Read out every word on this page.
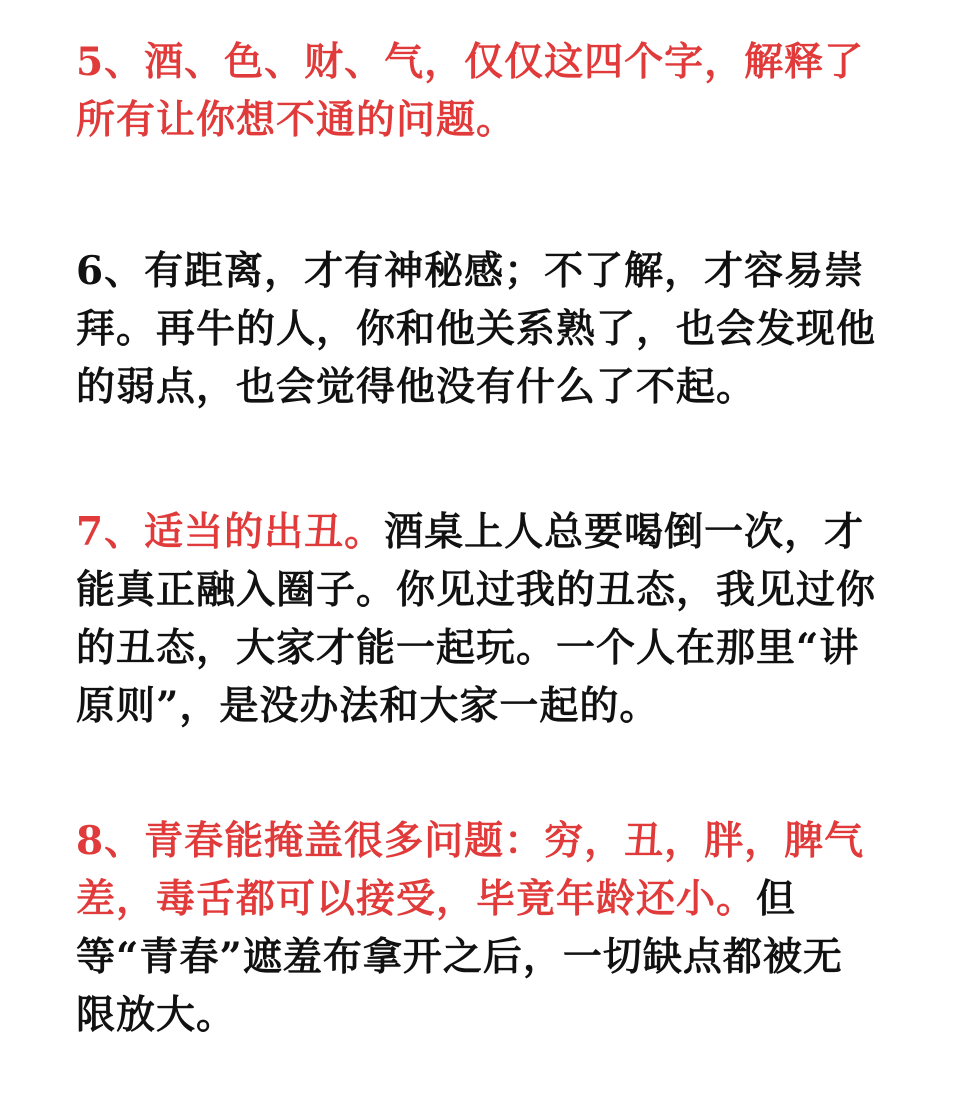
5、酒、色、财、气，仅仅这四个字，解释了所有让你想不通的问题。

6、有距离，才有神秘感；不了解，才容易崇拜。再牛的人，你和他关系熟了，也会发现他的弱点，也会觉得他没有什么了不起。

7、适当的出丑。酒桌上人总要喝倒一次，才能真正融入圈子。你见过我的丑态，我见过你的丑态，大家才能一起玩。一个人在那里“讲原则”，是没办法和大家一起的。

8、青春能掩盖很多问题：穷，丑，胖，脾气差，毒舌都可以接受，毕竟年龄还小。但等“青春”遮羞布拿开之后，一切缺点都被无限放大。
